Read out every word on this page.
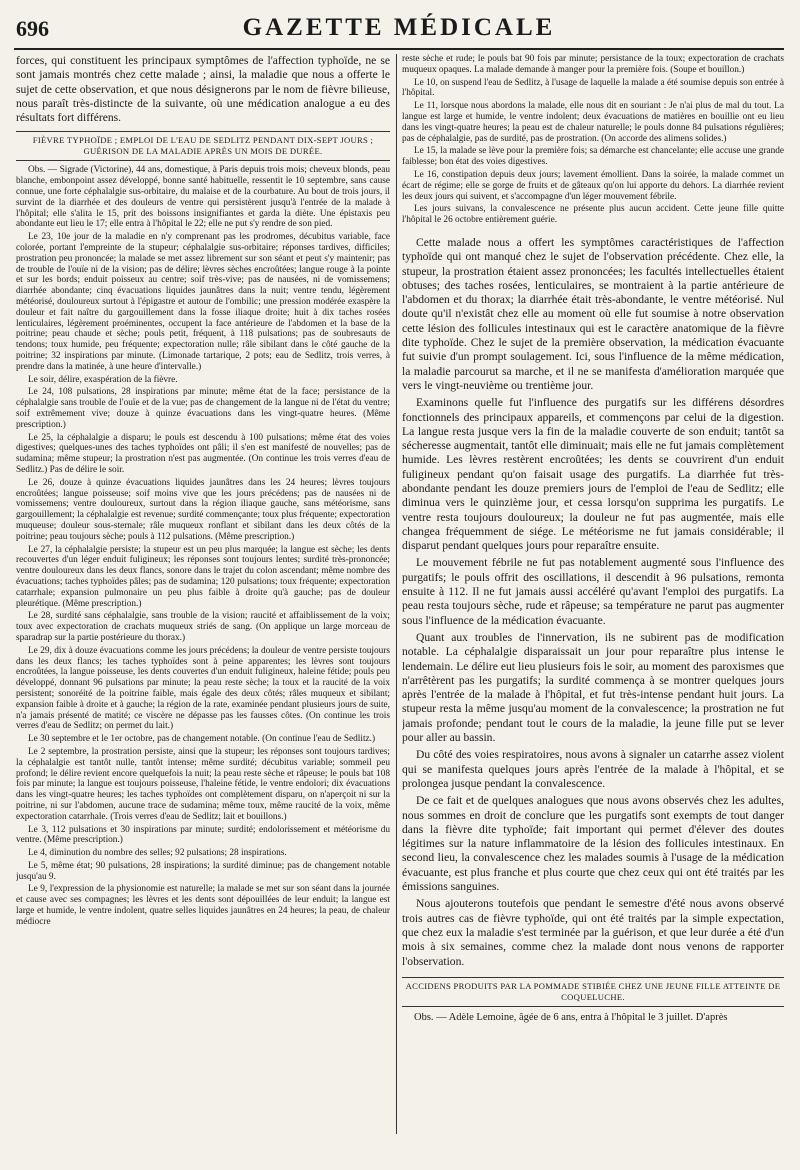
696	GAZETTE MÉDICALE

forces, qui constituent les principaux symptômes de l'affection typhoïde, ne se sont jamais montrés chez cette malade ; ainsi, la maladie que nous a offerte le sujet de cette observation, et que nous désignerons par le nom de fièvre bilieuse, nous paraît très-distincte de la suivante, où une médication analogue a eu des résultats fort différens.

FIÈVRE TYPHOÏDE ; EMPLOI DE L'EAU DE SEDLITZ PENDANT DIX-SEPT JOURS ; GUÉRISON DE LA MALADIE APRÈS UN MOIS DE DURÉE.

Obs. — Sigrade (Victorine), 44 ans, domestique, à Paris depuis trois mois; cheveux blonds, peau blanche, embonpoint assez développé, bonne santé habituelle, ressentit le 10 septembre, sans cause connue, une forte céphalalgie sus-orbitaire, du malaise et de la courbature. Au bout de trois jours, il survint de la diarrhée et des douleurs de ventre qui persistèrent jusqu'à l'entrée de la malade à l'hôpital; elle s'alita le 15, prit des boissons insignifiantes et garda la diète. Une épistaxis peu abondante eut lieu le 17; elle entra à l'hôpital le 22; elle ne put s'y rendre de son pied.

Le 23, 10e jour de la maladie en n'y comprenant pas les prodromes, décubitus variable, face colorée, portant l'empreinte de la stupeur; céphalalgie sus-orbitaire; réponses tardives, difficiles; prostration peu prononcée; la malade se met assez librement sur son séant et peut s'y maintenir; pas de trouble de l'ouïe ni de la vision; pas de délire; lèvres sèches encroûtées; langue rouge à la pointe et sur les bords; enduit poisseux au centre; soif très-vive; pas de nausées, ni de vomissemens; diarrhée abondante; cinq évacuations liquides jaunâtres dans la nuit; ventre tendu, légèrement météorisé, douloureux surtout à l'épigastre et autour de l'ombilic; une pression modérée exaspère la douleur et fait naître du gargouillement dans la fosse iliaque droite; huit à dix taches rosées lenticulaires, légèrement proéminentes, occupent la face antérieure de l'abdomen et la base de la poitrine; peau chaude et sèche; pouls petit, fréquent, à 118 pulsations; pas de soubresauts de tendons; toux humide, peu fréquente; expectoration nulle; râle sibilant dans le côté gauche de la poitrine; 32 inspirations par minute. (Limonade tartarique, 2 pots; eau de Sedlitz, trois verres, à prendre dans la matinée, à une heure d'intervalle.)

Le soir, délire, exaspération de la fièvre.

Le 24, 108 pulsations, 28 inspirations par minute; même état de la face; persistance de la céphalalgie sans trouble de l'ouïe et de la vue; pas de changement de la langue ni de l'état du ventre; soif extrêmement vive; douze à quinze évacuations dans les vingt-quatre heures. (Même prescription.)

Le 25, la céphalalgie a disparu; le pouls est descendu à 100 pulsations; même état des voies digestives; quelques-unes des taches typhoïdes ont pâli; il s'en est manifesté de nouvelles; pas de sudamina; même stupeur; la prostration n'est pas augmentée. (On continue les trois verres d'eau de Sedlitz.) Pas de délire le soir.

Le 26, douze à quinze évacuations liquides jaunâtres dans les 24 heures; lèvres toujours encroûtées; langue poisseuse; soif moins vive que les jours précédens; pas de nausées ni de vomissemens; ventre douloureux, surtout dans la région iliaque gauche, sans météorisme, sans gargouillement; la céphalalgie est revenue; surdité commençante; toux plus fréquente; expectoration muqueuse; douleur sous-sternale; râle muqueux ronflant et sibilant dans les deux côtés de la poitrine; peau toujours sèche; pouls à 112 pulsations. (Même prescription.)

Le 27, la céphalalgie persiste; la stupeur est un peu plus marquée; la langue est sèche; les dents recouvertes d'un léger enduit fuligineux; les réponses sont toujours lentes; surdité très-prononcée; ventre douloureux dans les deux flancs, sonore dans le trajet du colon ascendant; même nombre des évacuations; taches typhoïdes pâles; pas de sudamina; 120 pulsations; toux fréquente; expectoration catarrhale; expansion pulmonaire un peu plus faible à droite qu'à gauche; pas de douleur pleurétique. (Même prescription.)

Le 28, surdité sans céphalalgie, sans trouble de la vision; raucité et affaiblissement de la voix; toux avec expectoration de crachats muqueux striés de sang. (On applique un large morceau de sparadrap sur la partie postérieure du thorax.)

Le 29, dix à douze évacuations comme les jours précédens; la douleur de ventre persiste toujours dans les deux flancs; les taches typhoïdes sont à peine apparentes; les lèvres sont toujours encroûtées, la langue poisseuse, les dents couvertes d'un enduit fuligineux, haleine fétide; pouls peu développé, donnant 96 pulsations par minute; la peau reste sèche; la toux et la raucité de la voix persistent; sonoréité de la poitrine faible, mais égale des deux côtés; râles muqueux et sibilant; expansion faible à droite et à gauche; la région de la rate, examinée pendant plusieurs jours de suite, n'a jamais présenté de matité; ce viscère ne dépasse pas les fausses côtes. (On continue les trois verres d'eau de Sedlitz; on permet du lait.)

Le 30 septembre et le 1er octobre, pas de changement notable. (On continue l'eau de Sedlitz.)

Le 2 septembre, la prostration persiste, ainsi que la stupeur; les réponses sont toujours tardives; la céphalalgie est tantôt nulle, tantôt intense; même surdité; décubitus variable; sommeil peu profond; le délire revient encore quelquefois la nuit; la peau reste sèche et râpeuse; le pouls bat 108 fois par minute; la langue est toujours poisseuse, l'haleine fétide, le ventre endolori; dix évacuations dans les vingt-quatre heures; les taches typhoïdes ont complètement disparu, on n'aperçoit ni sur la poitrine, ni sur l'abdomen, aucune trace de sudamina; même toux, même raucité de la voix, même expectoration catarrhale. (Trois verres d'eau de Sedlitz; lait et bouillons.)

Le 3, 112 pulsations et 30 inspirations par minute; surdité; endolorissement et météorisme du ventre. (Même prescription.)

Le 4, diminution du nombre des selles; 92 pulsations; 28 inspirations.

Le 5, même état; 90 pulsations, 28 inspirations; la surdité diminue; pas de changement notable jusqu'au 9.

Le 9, l'expression de la physionomie est naturelle; la malade se met sur son séant dans la journée et cause avec ses compagnes; les lèvres et les dents sont dépouillées de leur enduit; la langue est large et humide, le ventre indolent, quatre selles liquides jaunâtres en 24 heures; la peau, de chaleur médiocre

reste sèche et rude; le pouls bat 90 fois par minute; persistance de la toux; expectoration de crachats muqueux opaques. La malade demande à manger pour la première fois. (Soupe et bouillon.)

Le 10, on suspend l'eau de Sedlitz, à l'usage de laquelle la malade a été soumise depuis son entrée à l'hôpital.

Le 11, lorsque nous abordons la malade, elle nous dit en souriant : Je n'ai plus de mal du tout. La langue est large et humide, le ventre indolent; deux évacuations de matières en bouillie ont eu lieu dans les vingt-quatre heures; la peau est de chaleur naturelle; le pouls donne 84 pulsations régulières; pas de céphalalgie, pas de surdité, pas de prostration. (On accorde des alimens solides.)

Le 15, la malade se lève pour la première fois; sa démarche est chancelante; elle accuse une grande faiblesse; bon état des voies digestives.

Le 16, constipation depuis deux jours; lavement émollient. Dans la soirée, la malade commet un écart de régime; elle se gorge de fruits et de gâteaux qu'on lui apporte du dehors. La diarrhée revient les deux jours qui suivent, et s'accompagne d'un léger mouvement fébrile.

Les jours suivans, la convalescence ne présente plus aucun accident. Cette jeune fille quitte l'hôpital le 26 octobre entièrement guérie.

Cette malade nous a offert les symptômes caractéristiques de l'affection typhoïde qui ont manqué chez le sujet de l'observation précédente. Chez elle, la stupeur, la prostration étaient assez prononcées; les facultés intellectuelles étaient obtuses; des taches rosées, lenticulaires, se montraient à la partie antérieure de l'abdomen et du thorax; la diarrhée était très-abondante, le ventre météorisé. Nul doute qu'il n'existât chez elle au moment où elle fut soumise à notre observation cette lésion des follicules intestinaux qui est le caractère anatomique de la fièvre dite typhoïde. Chez le sujet de la première observation, la médication évacuante fut suivie d'un prompt soulagement. Ici, sous l'influence de la même médication, la maladie parcourut sa marche, et il ne se manifesta d'amélioration marquée que vers le vingt-neuvième ou trentième jour.

Examinons quelle fut l'influence des purgatifs sur les différens désordres fonctionnels des principaux appareils, et commençons par celui de la digestion. La langue resta jusque vers la fin de la maladie couverte de son enduit; tantôt sa sécheresse augmentait, tantôt elle diminuait; mais elle ne fut jamais complètement humide. Les lèvres restèrent encroûtées; les dents se couvrirent d'un enduit fuligineux pendant qu'on faisait usage des purgatifs. La diarrhée fut très-abondante pendant les douze premiers jours de l'emploi de l'eau de Sedlitz; elle diminua vers le quinzième jour, et cessa lorsqu'on supprima les purgatifs. Le ventre resta toujours douloureux; la douleur ne fut pas augmentée, mais elle changea fréquemment de siége. Le météorisme ne fut jamais considérable; il disparut pendant quelques jours pour reparaître ensuite.

Le mouvement fébrile ne fut pas notablement augmenté sous l'influence des purgatifs; le pouls offrit des oscillations, il descendit à 96 pulsations, remonta ensuite à 112. Il ne fut jamais aussi accéléré qu'avant l'emploi des purgatifs. La peau resta toujours sèche, rude et râpeuse; sa température ne parut pas augmenter sous l'influence de la médication évacuante.

Quant aux troubles de l'innervation, ils ne subirent pas de modification notable. La céphalalgie disparaissait un jour pour reparaître plus intense le lendemain. Le délire eut lieu plusieurs fois le soir, au moment des paroxismes que n'arrêtèrent pas les purgatifs; la surdité commença à se montrer quelques jours après l'entrée de la malade à l'hôpital, et fut très-intense pendant huit jours. La stupeur resta la même jusqu'au moment de la convalescence; la prostration ne fut jamais profonde; pendant tout le cours de la maladie, la jeune fille put se lever pour aller au bassin.

Du côté des voies respiratoires, nous avons à signaler un catarrhe assez violent qui se manifesta quelques jours après l'entrée de la malade à l'hôpital, et se prolongea jusque pendant la convalescence.

De ce fait et de quelques analogues que nous avons observés chez les adultes, nous sommes en droit de conclure que les purgatifs sont exempts de tout danger dans la fièvre dite typhoïde; fait important qui permet d'élever des doutes légitimes sur la nature inflammatoire de la lésion des follicules intestinaux. En second lieu, la convalescence chez les malades soumis à l'usage de la médication évacuante, est plus franche et plus courte que chez ceux qui ont été traités par les émissions sanguines.

Nous ajouterons toutefois que pendant le semestre d'été nous avons observé trois autres cas de fièvre typhoïde, qui ont été traités par la simple expectation, que chez eux la maladie s'est terminée par la guérison, et que leur durée a été d'un mois à six semaines, comme chez la malade dont nous venons de rapporter l'observation.

ACCIDENS PRODUITS PAR LA POMMADE STIBIÉE CHEZ UNE JEUNE FILLE ATTEINTE DE COQUELUCHE.

Obs. — Adèle Lemoine, âgée de 6 ans, entra à l'hôpital le 3 juillet. D'après
